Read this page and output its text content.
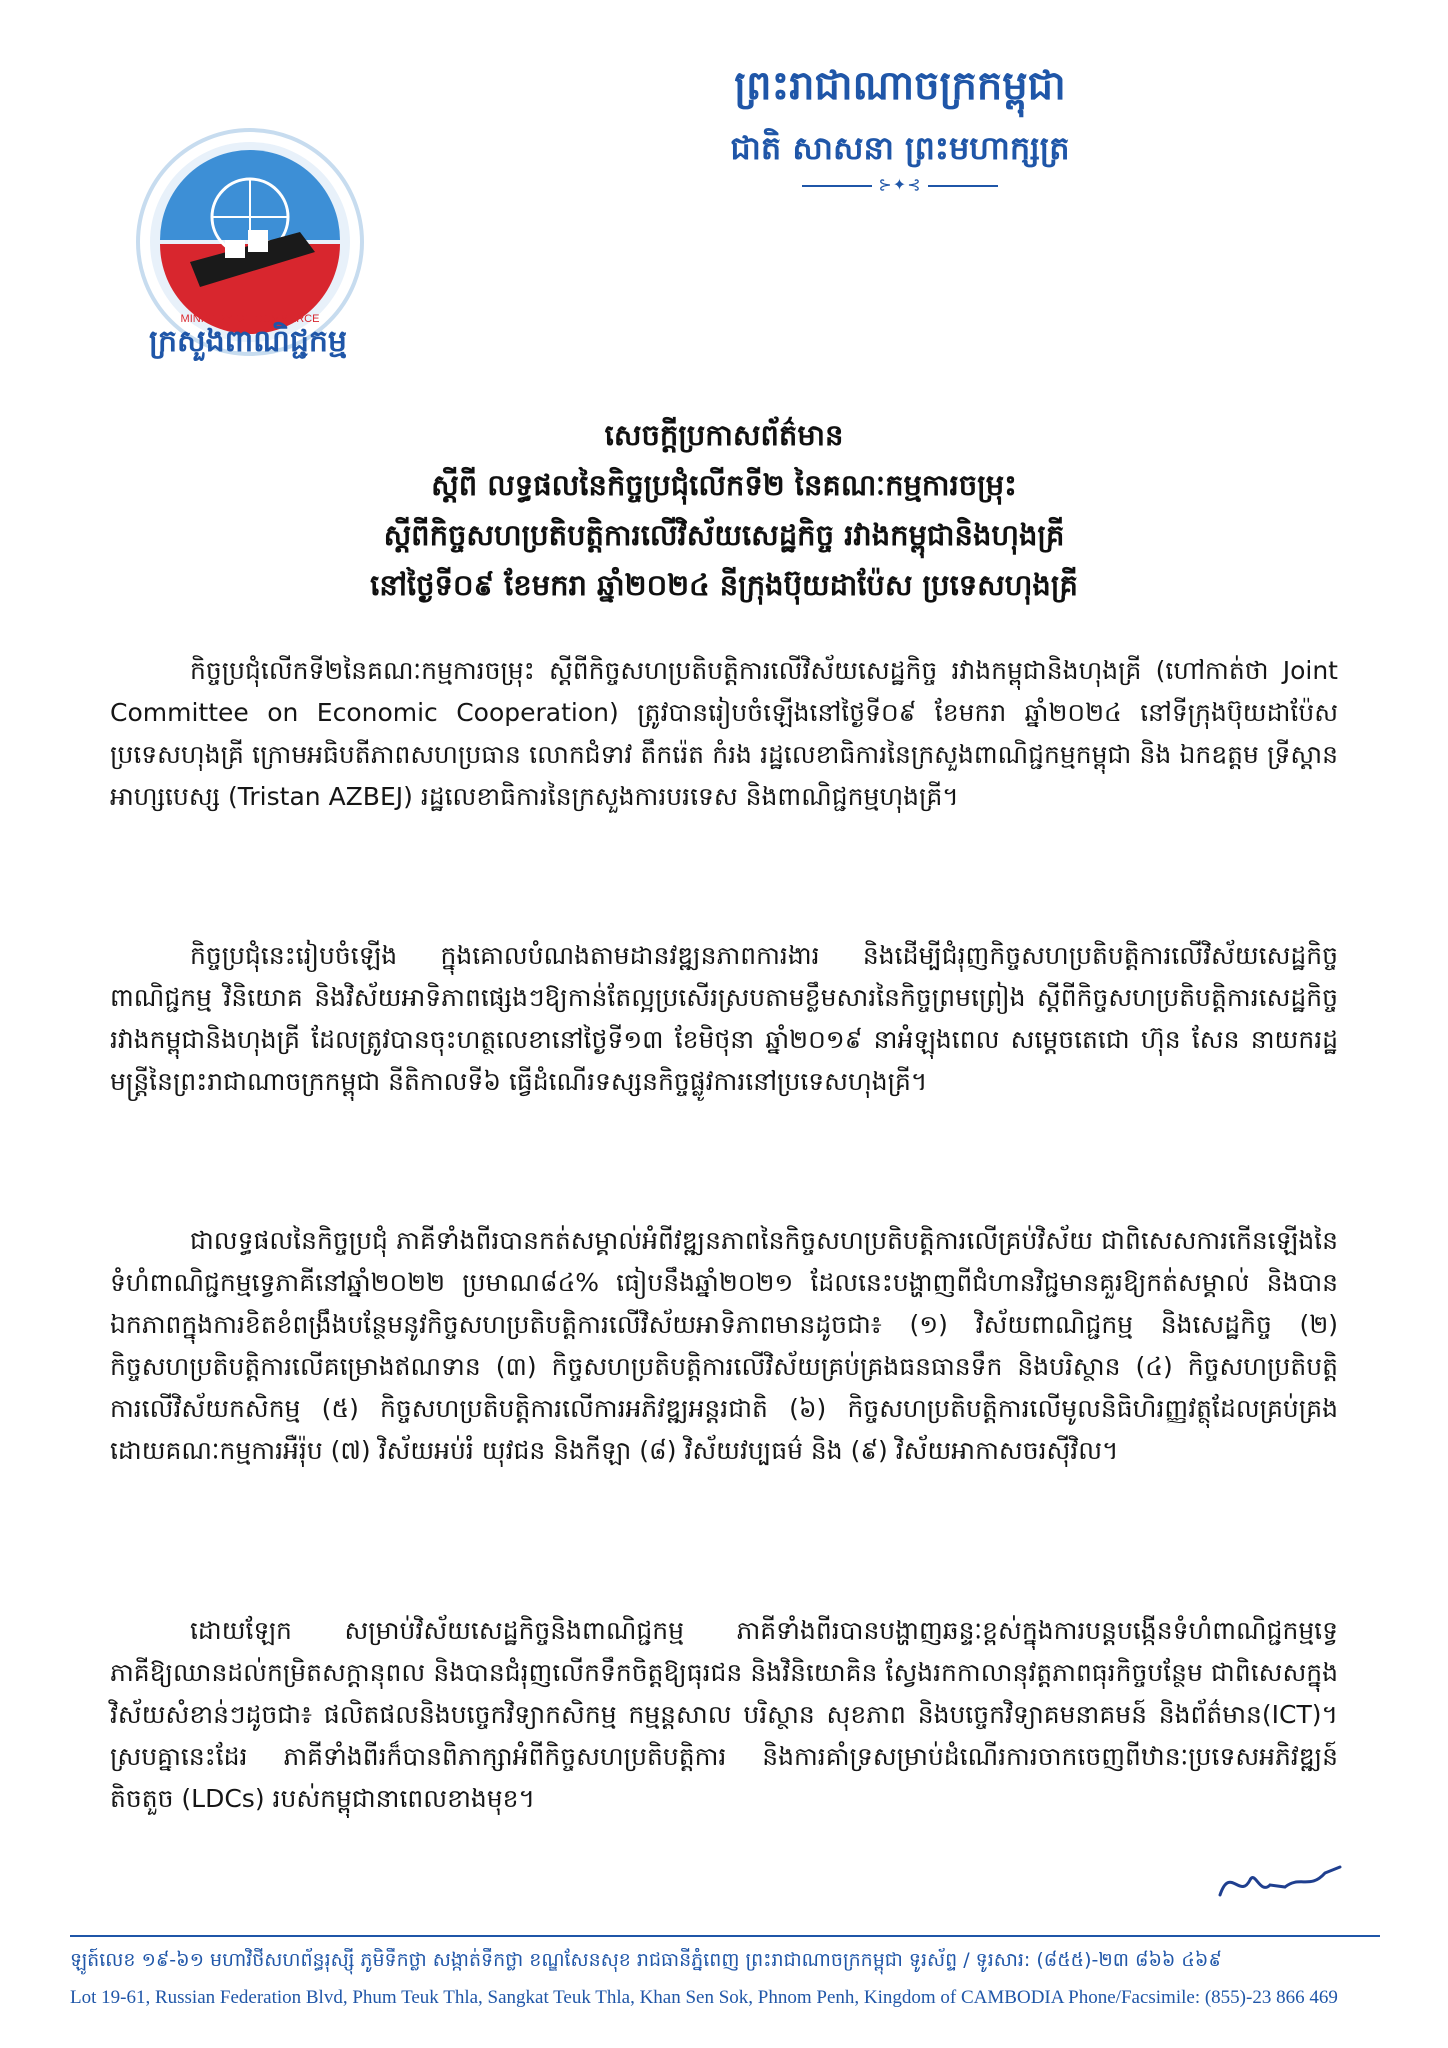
ព្រះរាជាណាចក្រកម្ពុជា
ជាតិ សាសនា ព្រះមហាក្សត្រ
⊱✦⊰
MINISTRY OF COMMERCE
ក្រសួងពាណិជ្ជកម្ម
សេចក្តីប្រកាសព័ត៌មាន
ស្តីពី លទ្ធផលនៃកិច្ចប្រជុំលើកទី២ នៃគណៈកម្មការចម្រុះ
ស្តីពីកិច្ចសហប្រតិបត្តិការលើវិស័យសេដ្ឋកិច្ច រវាងកម្ពុជានិងហុងគ្រី
នៅថ្ងៃទី០៩ ខែមករា ឆ្នាំ២០២៤ នីក្រុងប៊ុយដាប៉ែស ប្រទេសហុងគ្រី
កិច្ចប្រជុំលើកទី២នៃគណៈកម្មការចម្រុះ ស្តីពីកិច្ចសហប្រតិបត្តិការលើវិស័យសេដ្ឋកិច្ច រវាងកម្ពុជានិងហុងគ្រី (ហៅកាត់ថា Joint Committee on Economic Cooperation) ត្រូវបានរៀបចំឡើងនៅថ្ងៃទី០៩ ខែមករា ឆ្នាំ២០២៤ នៅទីក្រុងប៊ុយដាប៉ែស ប្រទេសហុងគ្រី ក្រោមអធិបតីភាពសហប្រធាន លោកជំទាវ តឹករ៉េត កំរង រដ្ឋលេខាធិការនៃក្រសួងពាណិជ្ជកម្មកម្ពុជា និង ឯកឧត្តម ទ្រីស្តាន អាហ្សបេស្ស (Tristan AZBEJ) រដ្ឋលេខាធិការនៃក្រសួងការបរទេស និងពាណិជ្ជកម្មហុងគ្រី។
កិច្ចប្រជុំនេះរៀបចំឡើង ក្នុងគោលបំណងតាមដានវឌ្ឍនភាពការងារ និងដើម្បីជំរុញកិច្ចសហប្រតិបត្តិការលើវិស័យសេដ្ឋកិច្ច ពាណិជ្ជកម្ម វិនិយោគ និងវិស័យអាទិភាពផ្សេងៗឱ្យកាន់តែល្អប្រសើរស្របតាមខ្លឹមសារនៃកិច្ចព្រមព្រៀង ស្តីពីកិច្ចសហប្រតិបត្តិការសេដ្ឋកិច្ច រវាងកម្ពុជានិងហុងគ្រី ដែលត្រូវបានចុះហត្ថលេខានៅថ្ងៃទី១៣ ខែមិថុនា ឆ្នាំ២០១៩ នាអំឡុងពេល សម្តេចតេជោ ហ៊ុន សែន នាយករដ្ឋមន្ត្រីនៃព្រះរាជាណាចក្រកម្ពុជា នីតិកាលទី៦ ធ្វើដំណើរទស្សនកិច្ចផ្លូវការនៅប្រទេសហុងគ្រី។
ជាលទ្ធផលនៃកិច្ចប្រជុំ ភាគីទាំងពីរបានកត់សម្គាល់អំពីវឌ្ឍនភាពនៃកិច្ចសហប្រតិបត្តិការលើគ្រប់វិស័យ ជាពិសេសការកើនឡើងនៃទំហំពាណិជ្ជកម្មទ្វេភាគីនៅឆ្នាំ២០២២ ប្រមាណ៨៤% ធៀបនឹងឆ្នាំ២០២១ ដែលនេះបង្ហាញពីជំហានវិជ្ជមានគួរឱ្យកត់សម្គាល់ និងបានឯកភាពក្នុងការខិតខំពង្រឹងបន្ថែមនូវកិច្ចសហប្រតិបត្តិការលើវិស័យអាទិភាពមានដូចជា៖ (១) វិស័យពាណិជ្ជកម្ម និងសេដ្ឋកិច្ច (២) កិច្ចសហប្រតិបត្តិការលើគម្រោងឥណទាន (៣) កិច្ចសហប្រតិបត្តិការលើវិស័យគ្រប់គ្រងធនធានទឹក និងបរិស្ថាន (៤) កិច្ចសហប្រតិបត្តិការលើវិស័យកសិកម្ម (៥) កិច្ចសហប្រតិបត្តិការលើការអភិវឌ្ឍអន្តរជាតិ (៦) កិច្ចសហប្រតិបត្តិការលើមូលនិធិហិរញ្ញវត្ថុដែលគ្រប់គ្រងដោយគណៈកម្មការអឺរ៉ុប (៧) វិស័យអប់រំ យុវជន និងកីឡា (៨) វិស័យវប្បធម៌ និង (៩) វិស័យអាកាសចរស៊ីវិល។
ដោយឡែក សម្រាប់វិស័យសេដ្ឋកិច្ចនិងពាណិជ្ជកម្ម ភាគីទាំងពីរបានបង្ហាញឆន្ទៈខ្ពស់ក្នុងការបន្តបង្កើនទំហំពាណិជ្ជកម្មទ្វេភាគីឱ្យឈានដល់កម្រិតសក្តានុពល និងបានជំរុញលើកទឹកចិត្តឱ្យធុរជន និងវិនិយោគិន ស្វែងរកកាលានុវត្តភាពធុរកិច្ចបន្ថែម ជាពិសេសក្នុងវិស័យសំខាន់ៗដូចជា៖ ផលិតផលនិងបច្ចេកវិទ្យាកសិកម្ម កម្មន្តសាល បរិស្ថាន សុខភាព និងបច្ចេកវិទ្យាគមនាគមន៍ និងព័ត៌មាន(ICT)។ ស្របគ្នានេះដែរ ភាគីទាំងពីរក៏បានពិភាក្សាអំពីកិច្ចសហប្រតិបត្តិការ និងការគាំទ្រសម្រាប់ដំណើរការចាកចេញពីឋានៈប្រទេសអភិវឌ្ឍន៍តិចតួច (LDCs) របស់កម្ពុជានាពេលខាងមុខ។
ឡូត៍លេខ ១៩-៦១ មហាវិថីសហព័ន្ធរុស្ស៊ី ភូមិទឹកថ្លា សង្កាត់ទឹកថ្លា ខណ្ឌសែនសុខ រាជធានីភ្នំពេញ ព្រះរាជាណាចក្រកម្ពុជា ទូរស័ព្ទ / ទូរសារ: (៨៥៥)-២៣ ៨៦៦ ៤៦៩
Lot 19-61, Russian Federation Blvd, Phum Teuk Thla, Sangkat Teuk Thla, Khan Sen Sok, Phnom Penh, Kingdom of CAMBODIA Phone/Facsimile: (855)-23 866 469
